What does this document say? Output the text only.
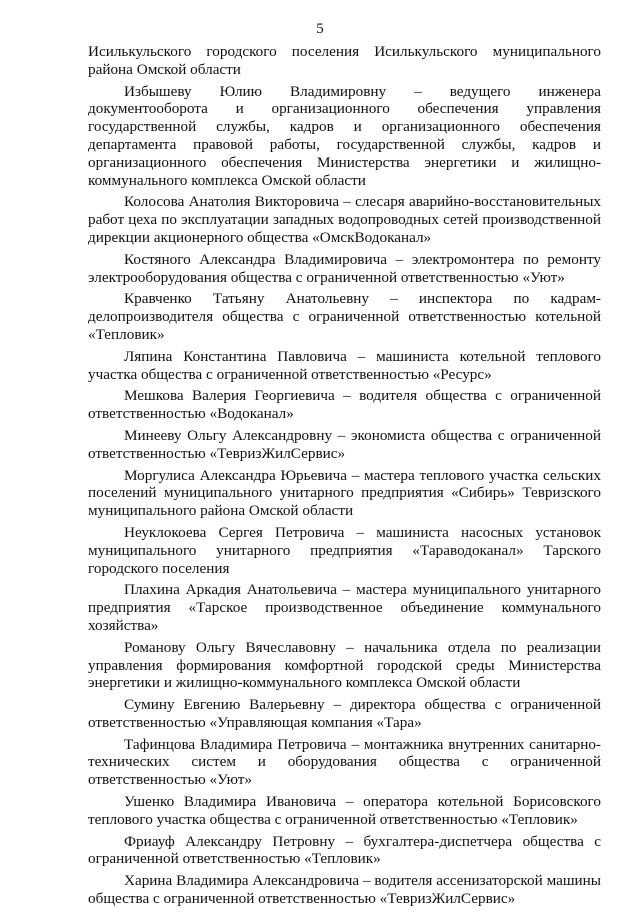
5

Исилькульского городского поселения Исилькульского муниципального района Омской области

Избышеву Юлию Владимировну – ведущего инженера документооборота и организационного обеспечения управления государственной службы, кадров и организационного обеспечения департамента правовой работы, государственной службы, кадров и организационного обеспечения Министерства энергетики и жилищно-коммунального комплекса Омской области

Колосова Анатолия Викторовича – слесаря аварийно-восстановительных работ цеха по эксплуатации западных водопроводных сетей производственной дирекции акционерного общества «ОмскВодоканал»

Костяного Александра Владимировича – электромонтера по ремонту электрооборудования общества с ограниченной ответственностью «Уют»

Кравченко Татьяну Анатольевну – инспектора по кадрам-делопроизводителя общества с ограниченной ответственностью котельной «Тепловик»

Ляпина Константина Павловича – машиниста котельной теплового участка общества с ограниченной ответственностью «Ресурс»

Мешкова Валерия Георгиевича – водителя общества с ограниченной ответственностью «Водоканал»

Минееву Ольгу Александровну – экономиста общества с ограниченной ответственностью «ТевризЖилСервис»

Моргулиса Александра Юрьевича – мастера теплового участка сельских поселений муниципального унитарного предприятия «Сибирь» Тевризского муниципального района Омской области

Неуклокоева Сергея Петровича – машиниста насосных установок муниципального унитарного предприятия «Тараводоканал» Тарского городского поселения

Плахина Аркадия Анатольевича – мастера муниципального унитарного предприятия «Тарское производственное объединение коммунального хозяйства»

Романову Ольгу Вячеславовну – начальника отдела по реализации управления формирования комфортной городской среды Министерства энергетики и жилищно-коммунального комплекса Омской области

Сумину Евгению Валерьевну – директора общества с ограниченной ответственностью «Управляющая компания «Тара»

Тафинцова Владимира Петровича – монтажника внутренних санитарно-технических систем и оборудования общества с ограниченной ответственностью «Уют»

Ушенко Владимира Ивановича – оператора котельной Борисовского теплового участка общества с ограниченной ответственностью «Тепловик»

Фриауф Александру Петровну – бухгалтера-диспетчера общества с ограниченной ответственностью «Тепловик»

Харина Владимира Александровича – водителя ассенизаторской машины общества с ограниченной ответственностью «ТевризЖилСервис»
